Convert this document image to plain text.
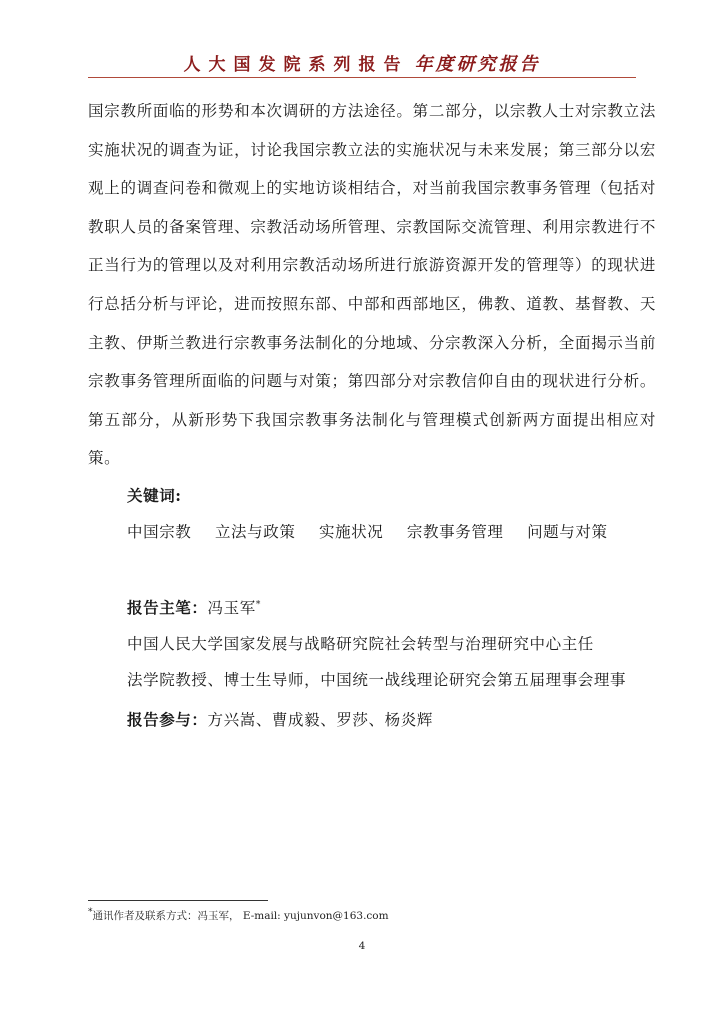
人大国发院系列报告 年度研究报告

国宗教所面临的形势和本次调研的方法途径。第二部分，以宗教人士对宗教立法实施状况的调查为证，讨论我国宗教立法的实施状况与未来发展；第三部分以宏观上的调查问卷和微观上的实地访谈相结合，对当前我国宗教事务管理（包括对教职人员的备案管理、宗教活动场所管理、宗教国际交流管理、利用宗教进行不正当行为的管理以及对利用宗教活动场所进行旅游资源开发的管理等）的现状进行总括分析与评论，进而按照东部、中部和西部地区，佛教、道教、基督教、天主教、伊斯兰教进行宗教事务法制化的分地域、分宗教深入分析，全面揭示当前宗教事务管理所面临的问题与对策；第四部分对宗教信仰自由的现状进行分析。第五部分，从新形势下我国宗教事务法制化与管理模式创新两方面提出相应对策。

关键词:
中国宗教 立法与政策 实施状况 宗教事务管理 问题与对策
报告主笔：冯玉军*
中国人民大学国家发展与战略研究院社会转型与治理研究中心主任
法学院教授、博士生导师，中国统一战线理论研究会第五届理事会理事
报告参与：方兴嵩、曹成毅、罗莎、杨炎辉
*通讯作者及联系方式：冯玉军， E-mail: yujunvon@163.com
4
